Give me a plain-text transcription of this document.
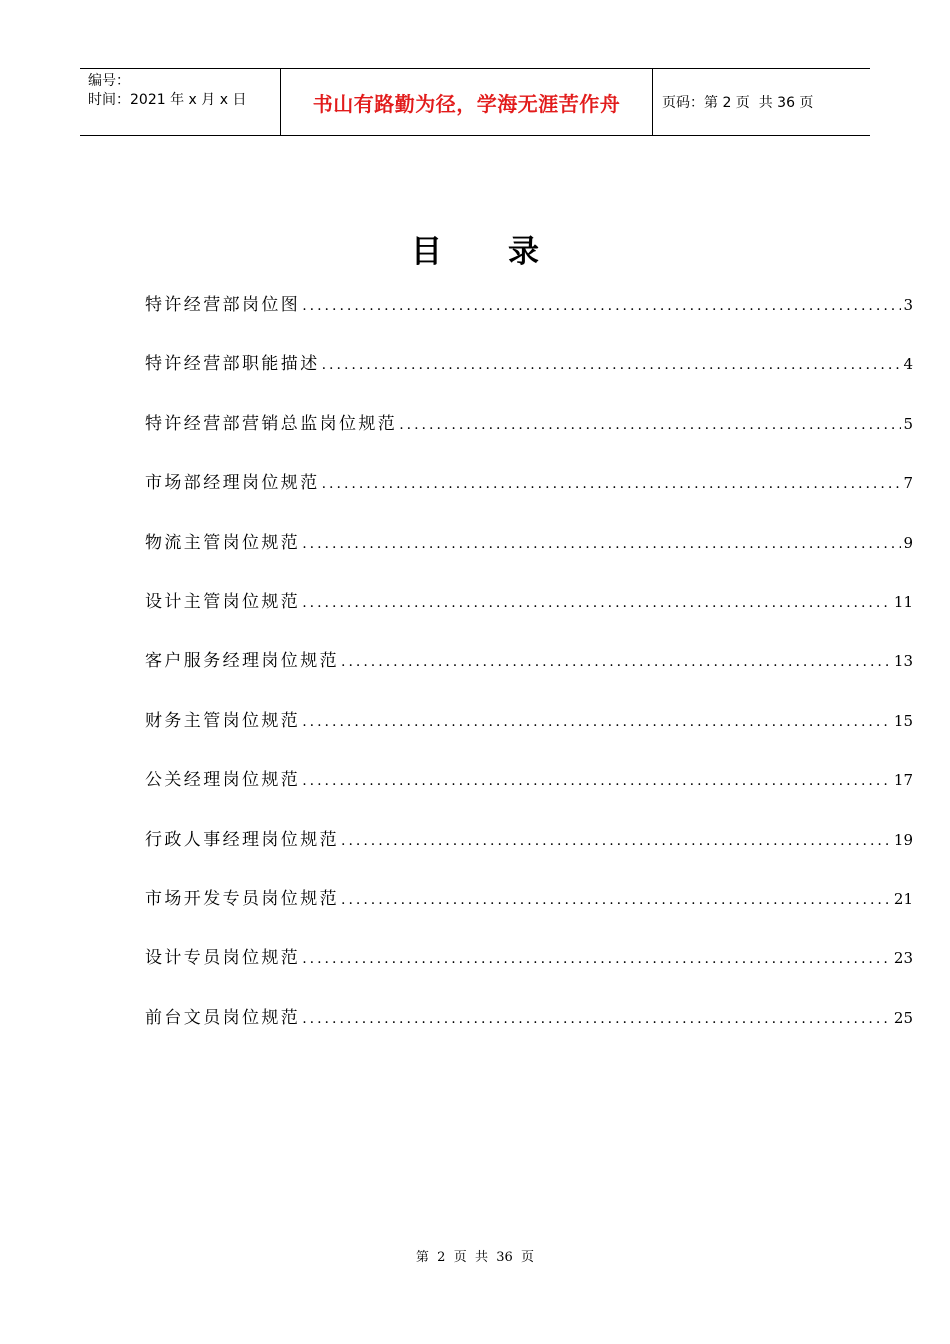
编号：
时间：2021 年 x 月 x 日	书山有路勤为径，学海无涯苦作舟	页码：第 2 页  共 36 页
目录
特许经营部岗位图 .....	3
特许经营部职能描述 .....	4
特许经营部营销总监岗位规范 .....	5
市场部经理岗位规范 .....	7
物流主管岗位规范 .....	9
设计主管岗位规范 .....	11
客户服务经理岗位规范 .....	13
财务主管岗位规范 .....	15
公关经理岗位规范 .....	17
行政人事经理岗位规范 .....	19
市场开发专员岗位规范 .....	21
设计专员岗位规范 .....	23
前台文员岗位规范 .....	25
第  2  页  共  36  页
